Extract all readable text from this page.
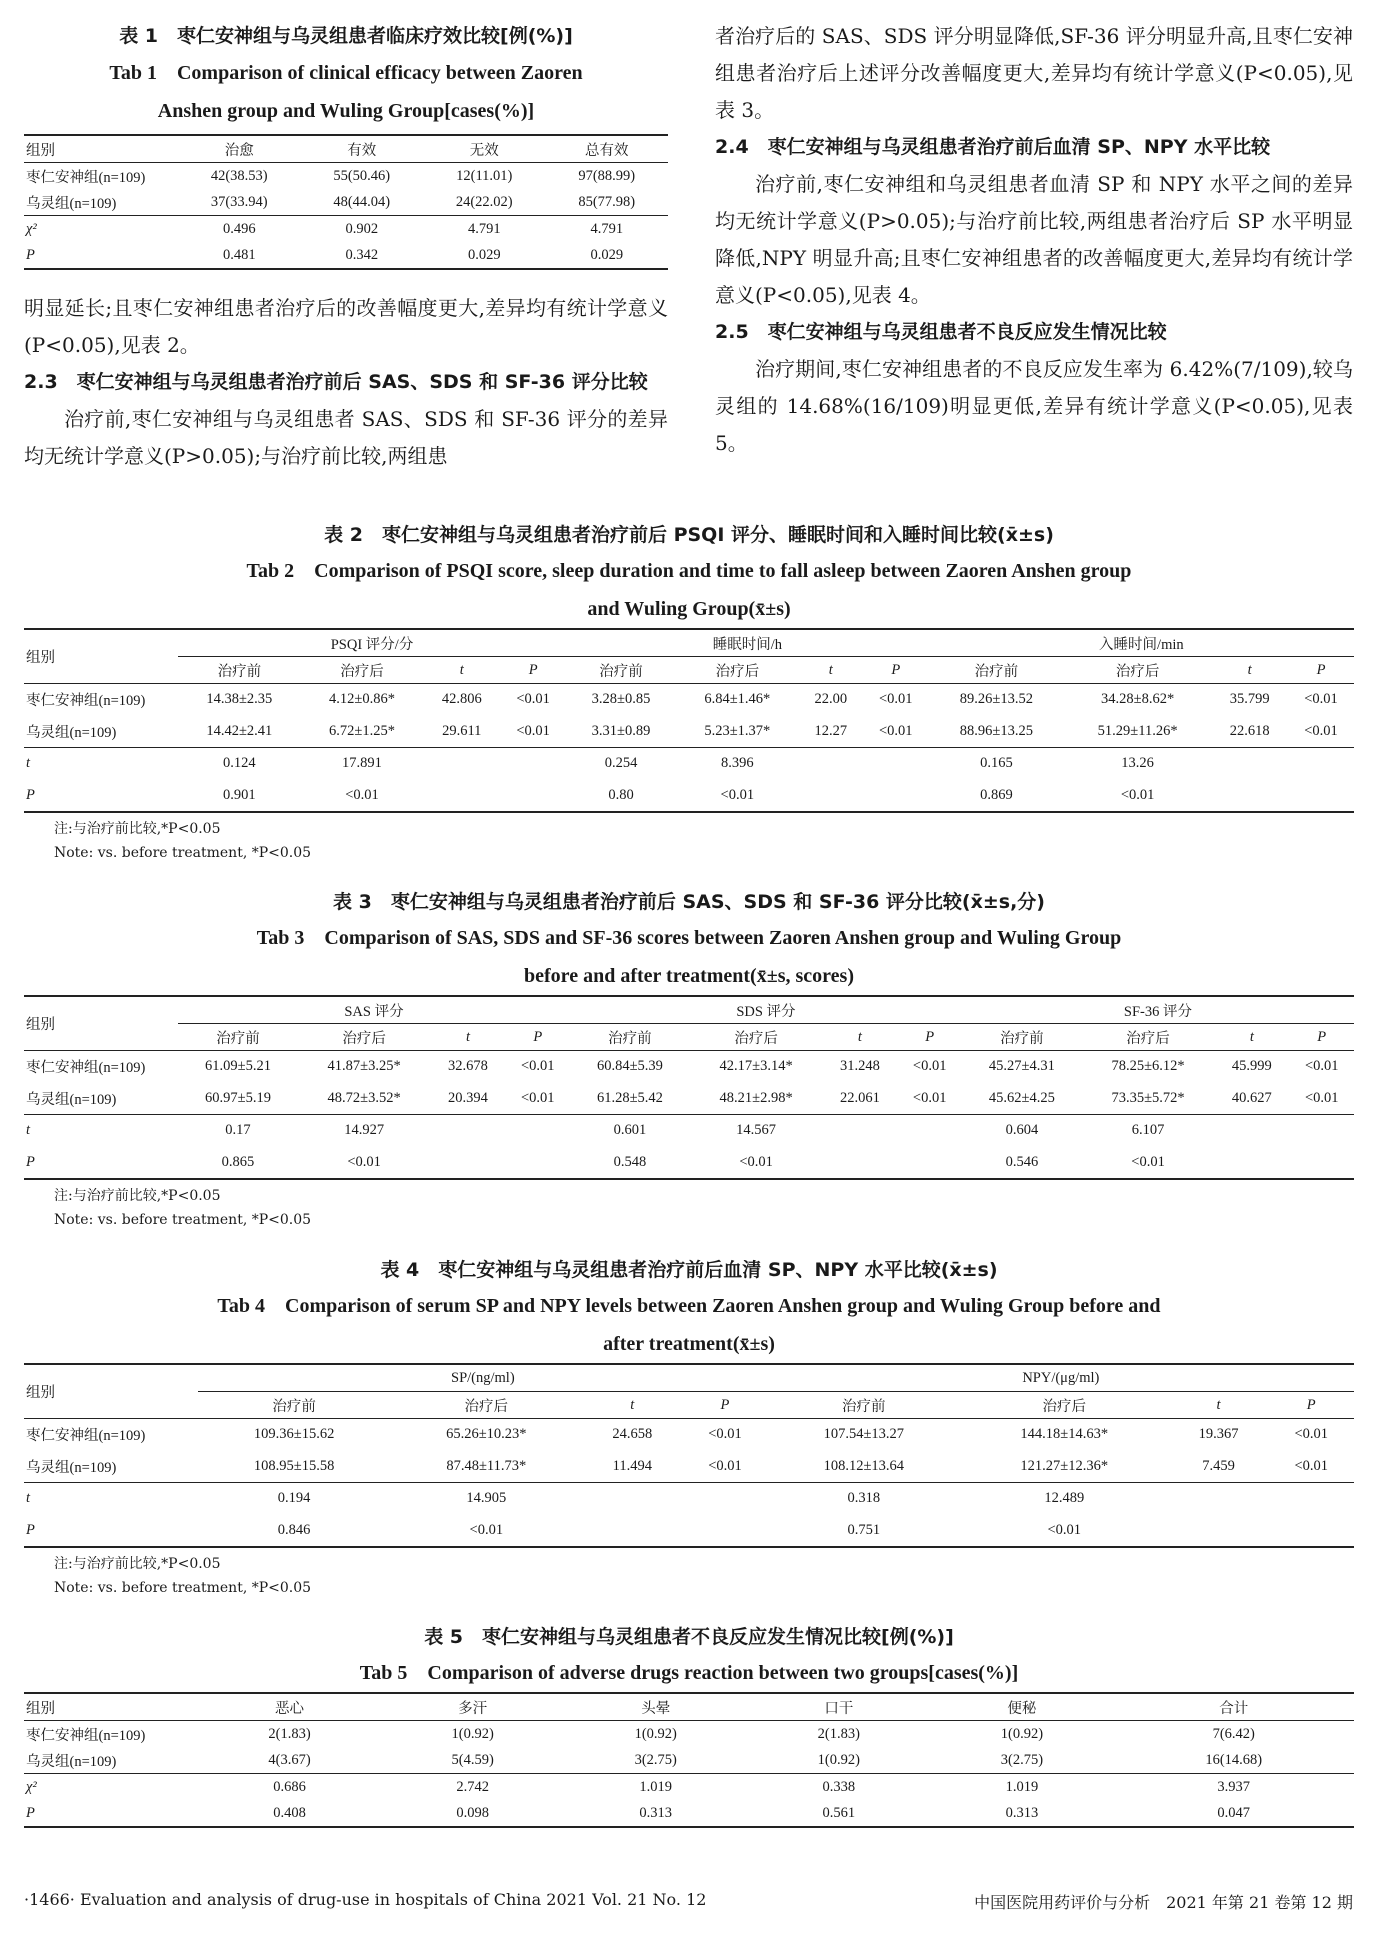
表 1　枣仁安神组与乌灵组患者临床疗效比较[例(%)]
Tab 1　Comparison of clinical efficacy between Zaoren
Anshen group and Wuling Group[cases(%)]
组别	治愈	有效	无效	总有效
枣仁安神组(n=109)	42(38.53)	55(50.46)	12(11.01)	97(88.99)
乌灵组(n=109)	37(33.94)	48(44.04)	24(22.02)	85(77.98)
χ²	0.496	0.902	4.791	4.791
P	0.481	0.342	0.029	0.029
明显延长;且枣仁安神组患者治疗后的改善幅度更大,差异均有统计学意义(P<0.05),见表 2。
2.3　枣仁安神组与乌灵组患者治疗前后 SAS、SDS 和 SF-36 评分比较
治疗前,枣仁安神组与乌灵组患者 SAS、SDS 和 SF-36 评分的差异均无统计学意义(P>0.05);与治疗前比较,两组患
者治疗后的 SAS、SDS 评分明显降低,SF-36 评分明显升高,且枣仁安神组患者治疗后上述评分改善幅度更大,差异均有统计学意义(P<0.05),见表 3。
2.4　枣仁安神组与乌灵组患者治疗前后血清 SP、NPY 水平比较
治疗前,枣仁安神组和乌灵组患者血清 SP 和 NPY 水平之间的差异均无统计学意义(P>0.05);与治疗前比较,两组患者治疗后 SP 水平明显降低,NPY 明显升高;且枣仁安神组患者的改善幅度更大,差异均有统计学意义(P<0.05),见表 4。
2.5　枣仁安神组与乌灵组患者不良反应发生情况比较
治疗期间,枣仁安神组患者的不良反应发生率为 6.42%(7/109),较乌灵组的 14.68%(16/109)明显更低,差异有统计学意义(P<0.05),见表 5。
表 2　枣仁安神组与乌灵组患者治疗前后 PSQI 评分、睡眠时间和入睡时间比较(x̄±s)
Tab 2　Comparison of PSQI score, sleep duration and time to fall asleep between Zaoren Anshen group
and Wuling Group(x̄±s)
组别	PSQI 评分/分				睡眠时间/h				入睡时间/min			
	治疗前	治疗后	t	P	治疗前	治疗后	t	P	治疗前	治疗后	t	P
枣仁安神组(n=109)	14.38±2.35	4.12±0.86*	42.806	<0.01	3.28±0.85	6.84±1.46*	22.00	<0.01	89.26±13.52	34.28±8.62*	35.799	<0.01
乌灵组(n=109)	14.42±2.41	6.72±1.25*	29.611	<0.01	3.31±0.89	5.23±1.37*	12.27	<0.01	88.96±13.25	51.29±11.26*	22.618	<0.01
t	0.124	17.891			0.254	8.396			0.165	13.26		
P	0.901	<0.01			0.80	<0.01			0.869	<0.01		
注:与治疗前比较,*P<0.05
Note: vs. before treatment, *P<0.05
表 3　枣仁安神组与乌灵组患者治疗前后 SAS、SDS 和 SF-36 评分比较(x̄±s,分)
Tab 3　Comparison of SAS, SDS and SF-36 scores between Zaoren Anshen group and Wuling Group
before and after treatment(x̄±s, scores)
组别	SAS 评分				SDS 评分				SF-36 评分			
	治疗前	治疗后	t	P	治疗前	治疗后	t	P	治疗前	治疗后	t	P
枣仁安神组(n=109)	61.09±5.21	41.87±3.25*	32.678	<0.01	60.84±5.39	42.17±3.14*	31.248	<0.01	45.27±4.31	78.25±6.12*	45.999	<0.01
乌灵组(n=109)	60.97±5.19	48.72±3.52*	20.394	<0.01	61.28±5.42	48.21±2.98*	22.061	<0.01	45.62±4.25	73.35±5.72*	40.627	<0.01
t	0.17	14.927			0.601	14.567			0.604	6.107		
P	0.865	<0.01			0.548	<0.01			0.546	<0.01		
注:与治疗前比较,*P<0.05
Note: vs. before treatment, *P<0.05
表 4　枣仁安神组与乌灵组患者治疗前后血清 SP、NPY 水平比较(x̄±s)
Tab 4　Comparison of serum SP and NPY levels between Zaoren Anshen group and Wuling Group before and
after treatment(x̄±s)
组别	SP/(ng/ml)				NPY/(μg/ml)			
	治疗前	治疗后	t	P	治疗前	治疗后	t	P
枣仁安神组(n=109)	109.36±15.62	65.26±10.23*	24.658	<0.01	107.54±13.27	144.18±14.63*	19.367	<0.01
乌灵组(n=109)	108.95±15.58	87.48±11.73*	11.494	<0.01	108.12±13.64	121.27±12.36*	7.459	<0.01
t	0.194	14.905			0.318	12.489		
P	0.846	<0.01			0.751	<0.01		
注:与治疗前比较,*P<0.05
Note: vs. before treatment, *P<0.05
表 5　枣仁安神组与乌灵组患者不良反应发生情况比较[例(%)]
Tab 5　Comparison of adverse drugs reaction between two groups[cases(%)]
组别	恶心	多汗	头晕	口干	便秘	合计
枣仁安神组(n=109)	2(1.83)	1(0.92)	1(0.92)	2(1.83)	1(0.92)	7(6.42)
乌灵组(n=109)	4(3.67)	5(4.59)	3(2.75)	1(0.92)	3(2.75)	16(14.68)
χ²	0.686	2.742	1.019	0.338	1.019	3.937
P	0.408	0.098	0.313	0.561	0.313	0.047
·1466· Evaluation and analysis of drug-use in hospitals of China 2021 Vol. 21 No. 12	中国医院用药评价与分析　2021 年第 21 卷第 12 期
